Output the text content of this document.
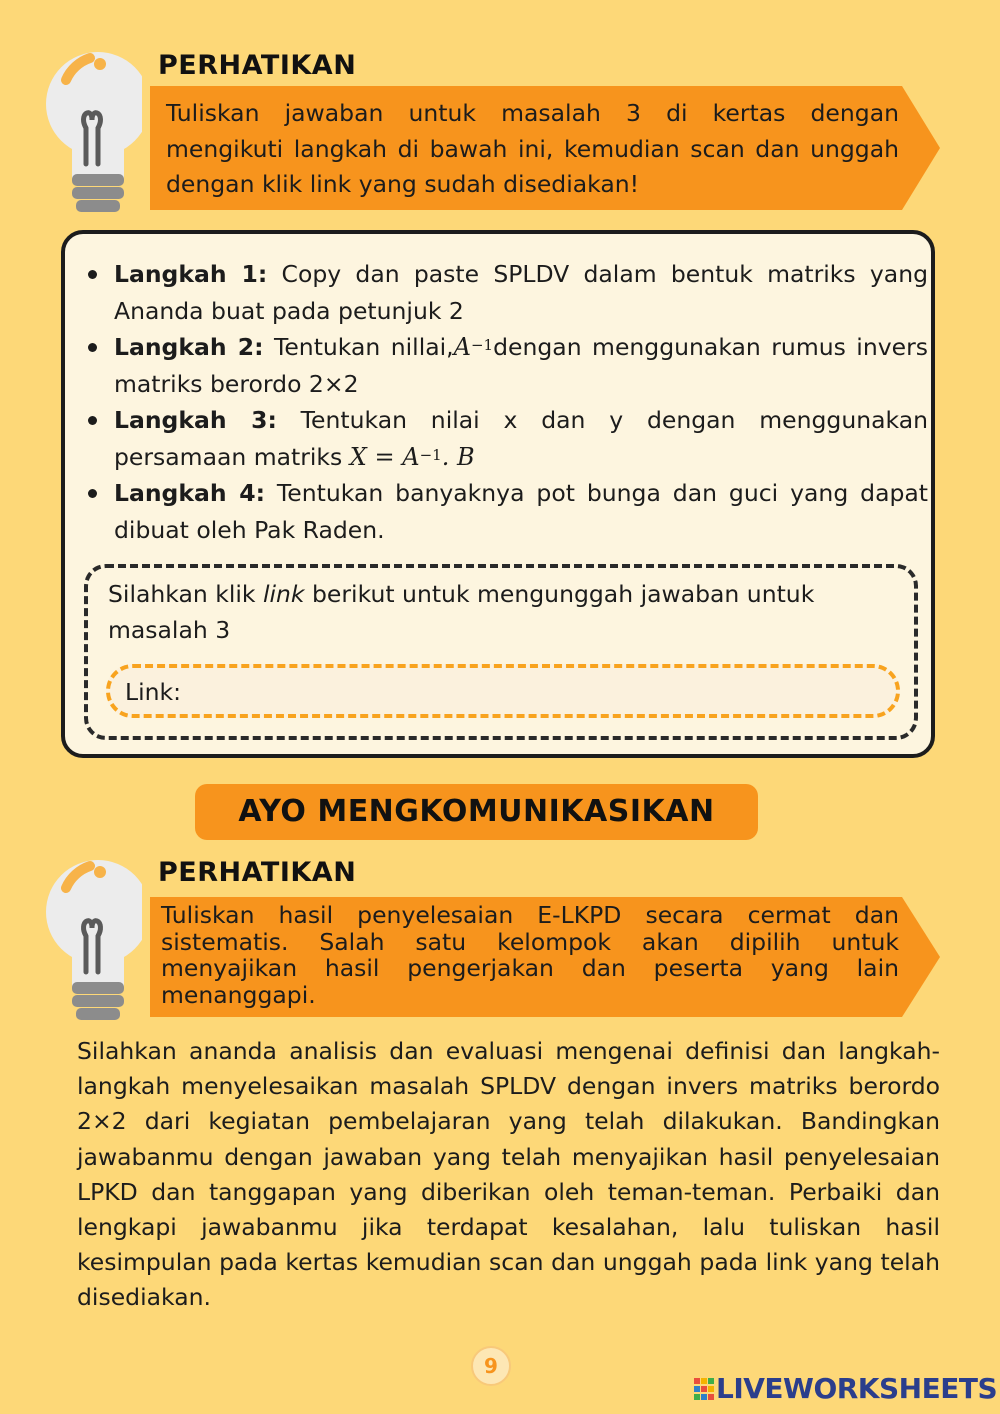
PERHATIKAN
Tuliskan jawaban untuk masalah 3 di kertas dengan mengikuti langkah di bawah ini, kemudian scan dan unggah dengan klik link yang sudah disediakan!
Langkah 1: Copy dan paste SPLDV dalam bentuk matriks yang Ananda buat pada petunjuk 2
Langkah 2: Tentukan $nillai,A^{-1}dengan$ menggunakan rumus invers matriks berordo 2×2
Langkah 3: Tentukan nilai x dan y dengan menggunakan persamaan matriks $X = A^{-1}$. B
Langkah 4: Tentukan banyaknya pot bunga dan guci yang dapat dibuat oleh Pak Raden.
Silahkan klik link berikut untuk mengunggah jawaban untuk masalah 3
Link:
AYO MENGKOMUNIKASIKAN
PERHATIKAN
Tuliskan hasil penyelesaian E-LKPD secara cermat dan sistematis. Salah satu kelompok akan dipilih untuk menyajikan hasil pengerjakan dan peserta yang lain menanggapi.
Silahkan ananda analisis dan evaluasi mengenai definisi dan langkah-langkah menyelesaikan masalah SPLDV dengan invers matriks berordo 2×2 dari kegiatan pembelajaran yang telah dilakukan. Bandingkan jawabanmu dengan jawaban yang telah menyajikan hasil penyelesaian LPKD dan tanggapan yang diberikan oleh teman-teman. Perbaiki dan lengkapi jawabanmu jika terdapat kesalahan, lalu tuliskan hasil kesimpulan pada kertas kemudian scan dan unggah pada link yang telah disediakan.
9
LIVEWORKSHEETS
